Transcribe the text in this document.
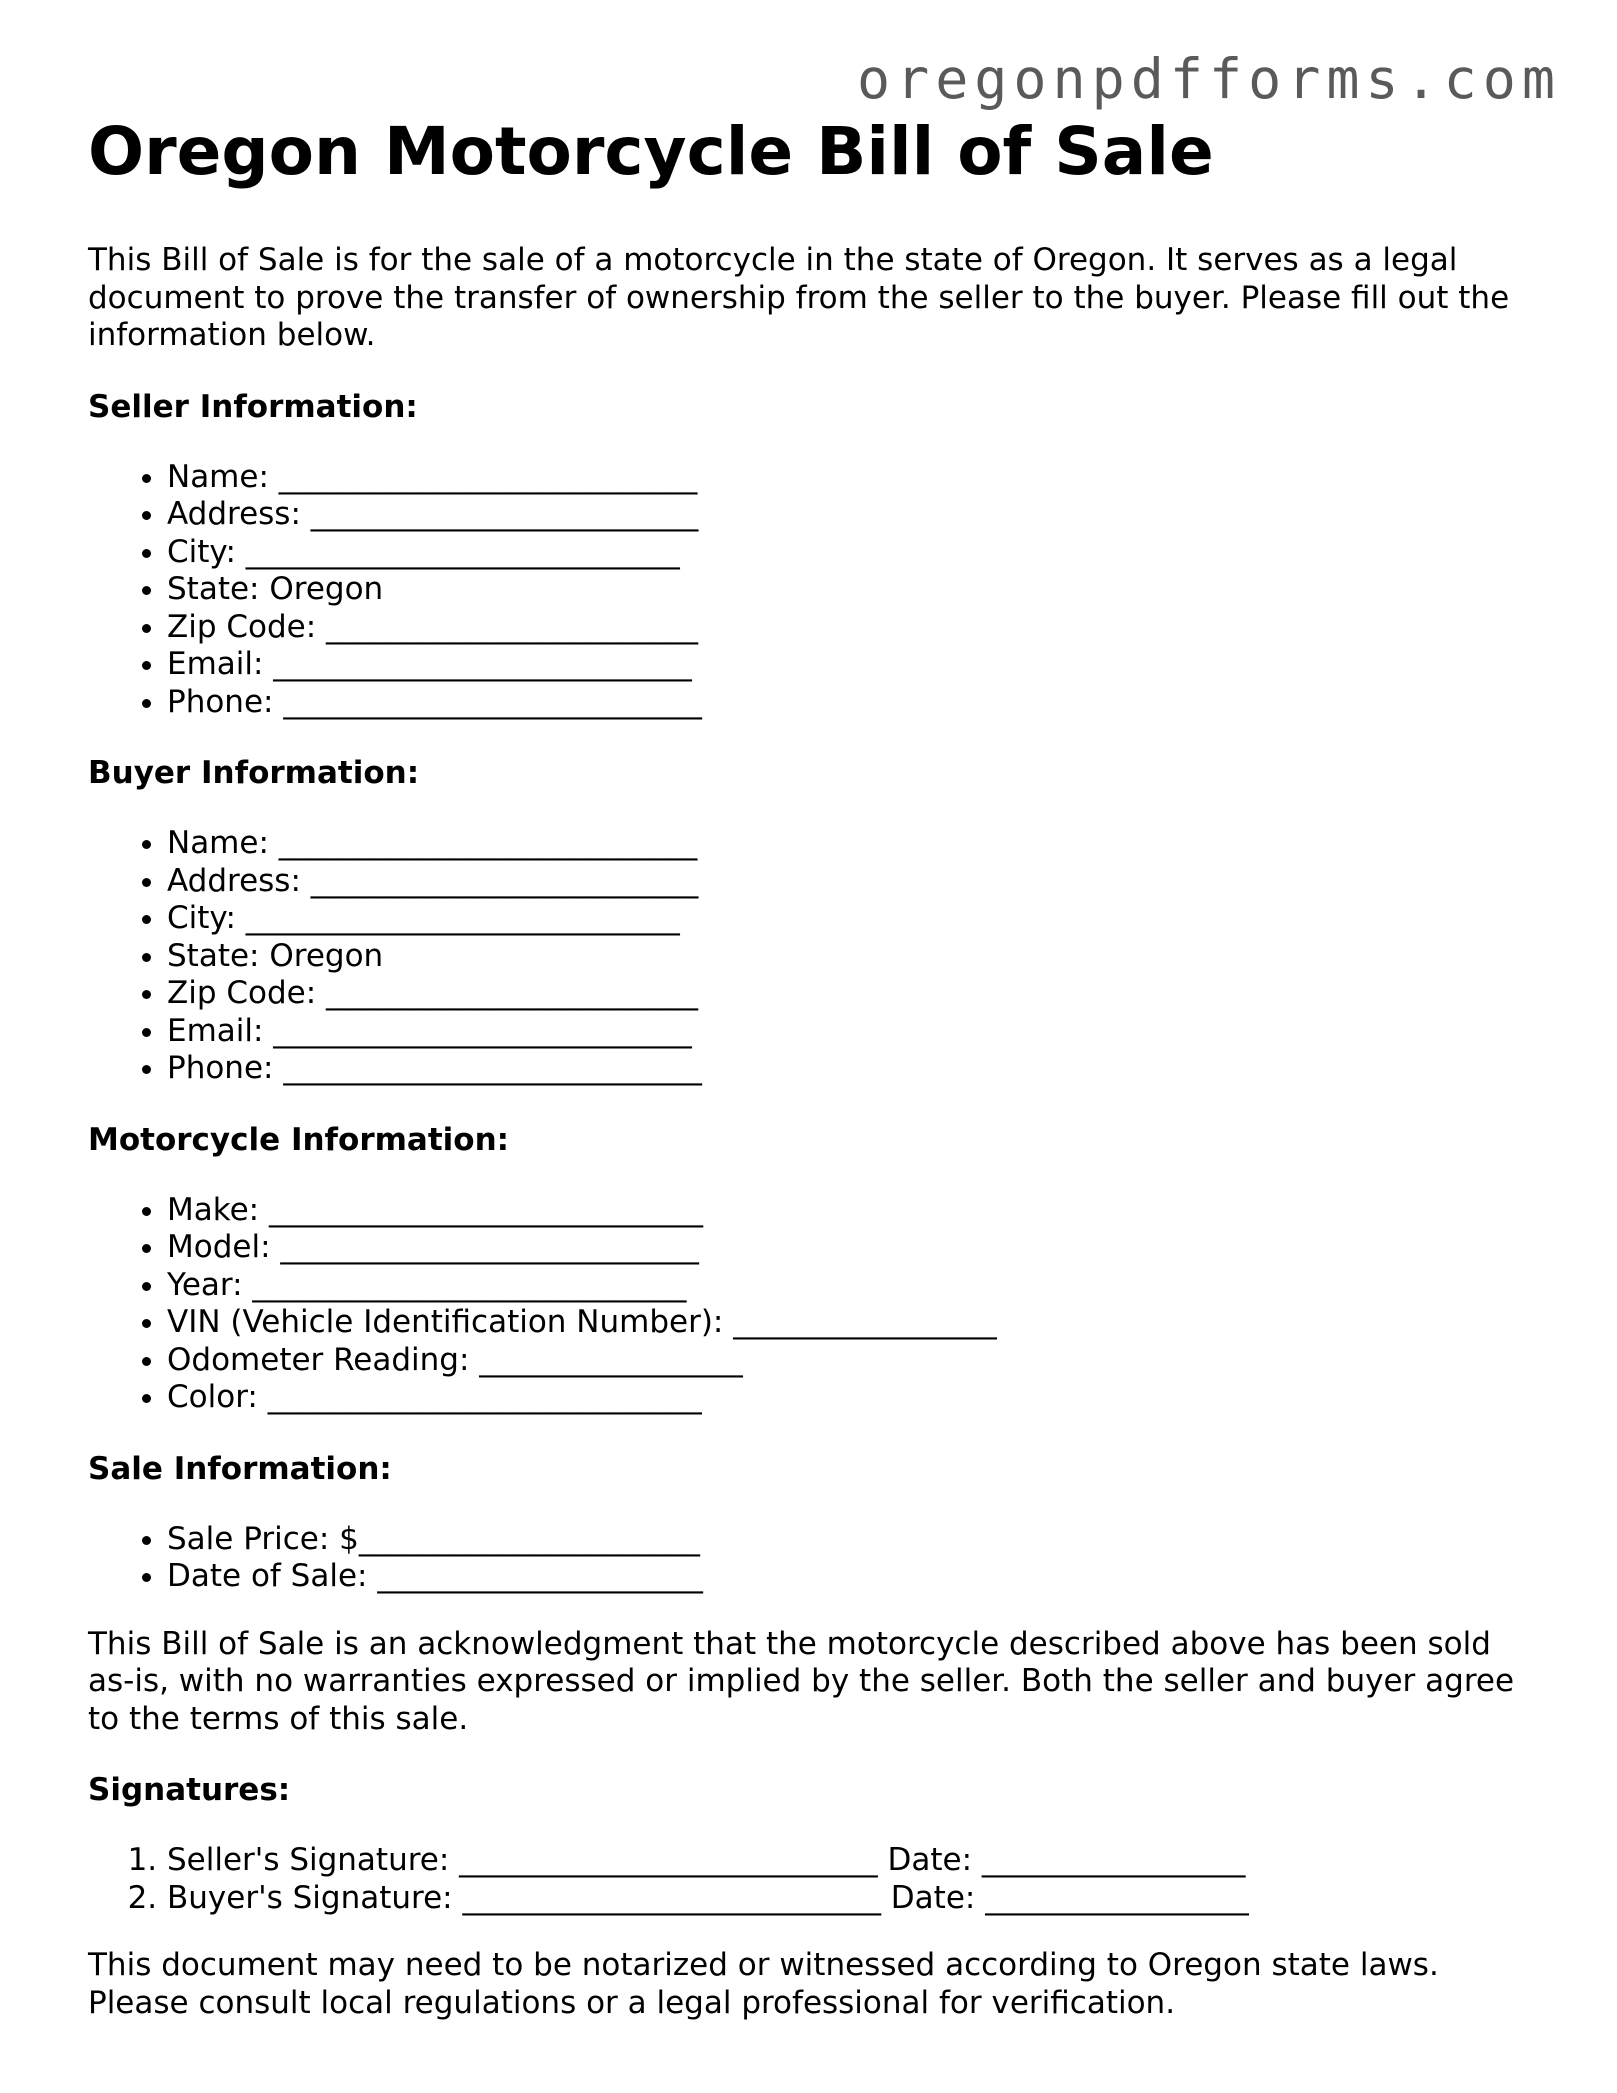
oregonpdfforms.com
Oregon Motorcycle Bill of Sale

This Bill of Sale is for the sale of a motorcycle in the state of Oregon. It serves as a legal document to prove the transfer of ownership from the seller to the buyer. Please fill out the information below.

Seller Information:
• Name: ___________________________
• Address: _________________________
• City: ____________________________
• State: Oregon
• Zip Code: ________________________
• Email: ___________________________
• Phone: ___________________________
Buyer Information:
• Name: ___________________________
• Address: _________________________
• City: ____________________________
• State: Oregon
• Zip Code: ________________________
• Email: ___________________________
• Phone: ___________________________
Motorcycle Information:
• Make: ____________________________
• Model: ___________________________
• Year: ____________________________
• VIN (Vehicle Identification Number): _________________
• Odometer Reading: _________________
• Color: ____________________________
Sale Information:
• Sale Price: $______________________
• Date of Sale: _____________________

This Bill of Sale is an acknowledgment that the motorcycle described above has been sold as-is, with no warranties expressed or implied by the seller. Both the seller and buyer agree to the terms of this sale.

Signatures:
1. Seller's Signature: ___________________________ Date: _________________
2. Buyer's Signature: ___________________________ Date: _________________

This document may need to be notarized or witnessed according to Oregon state laws. Please consult local regulations or a legal professional for verification.
